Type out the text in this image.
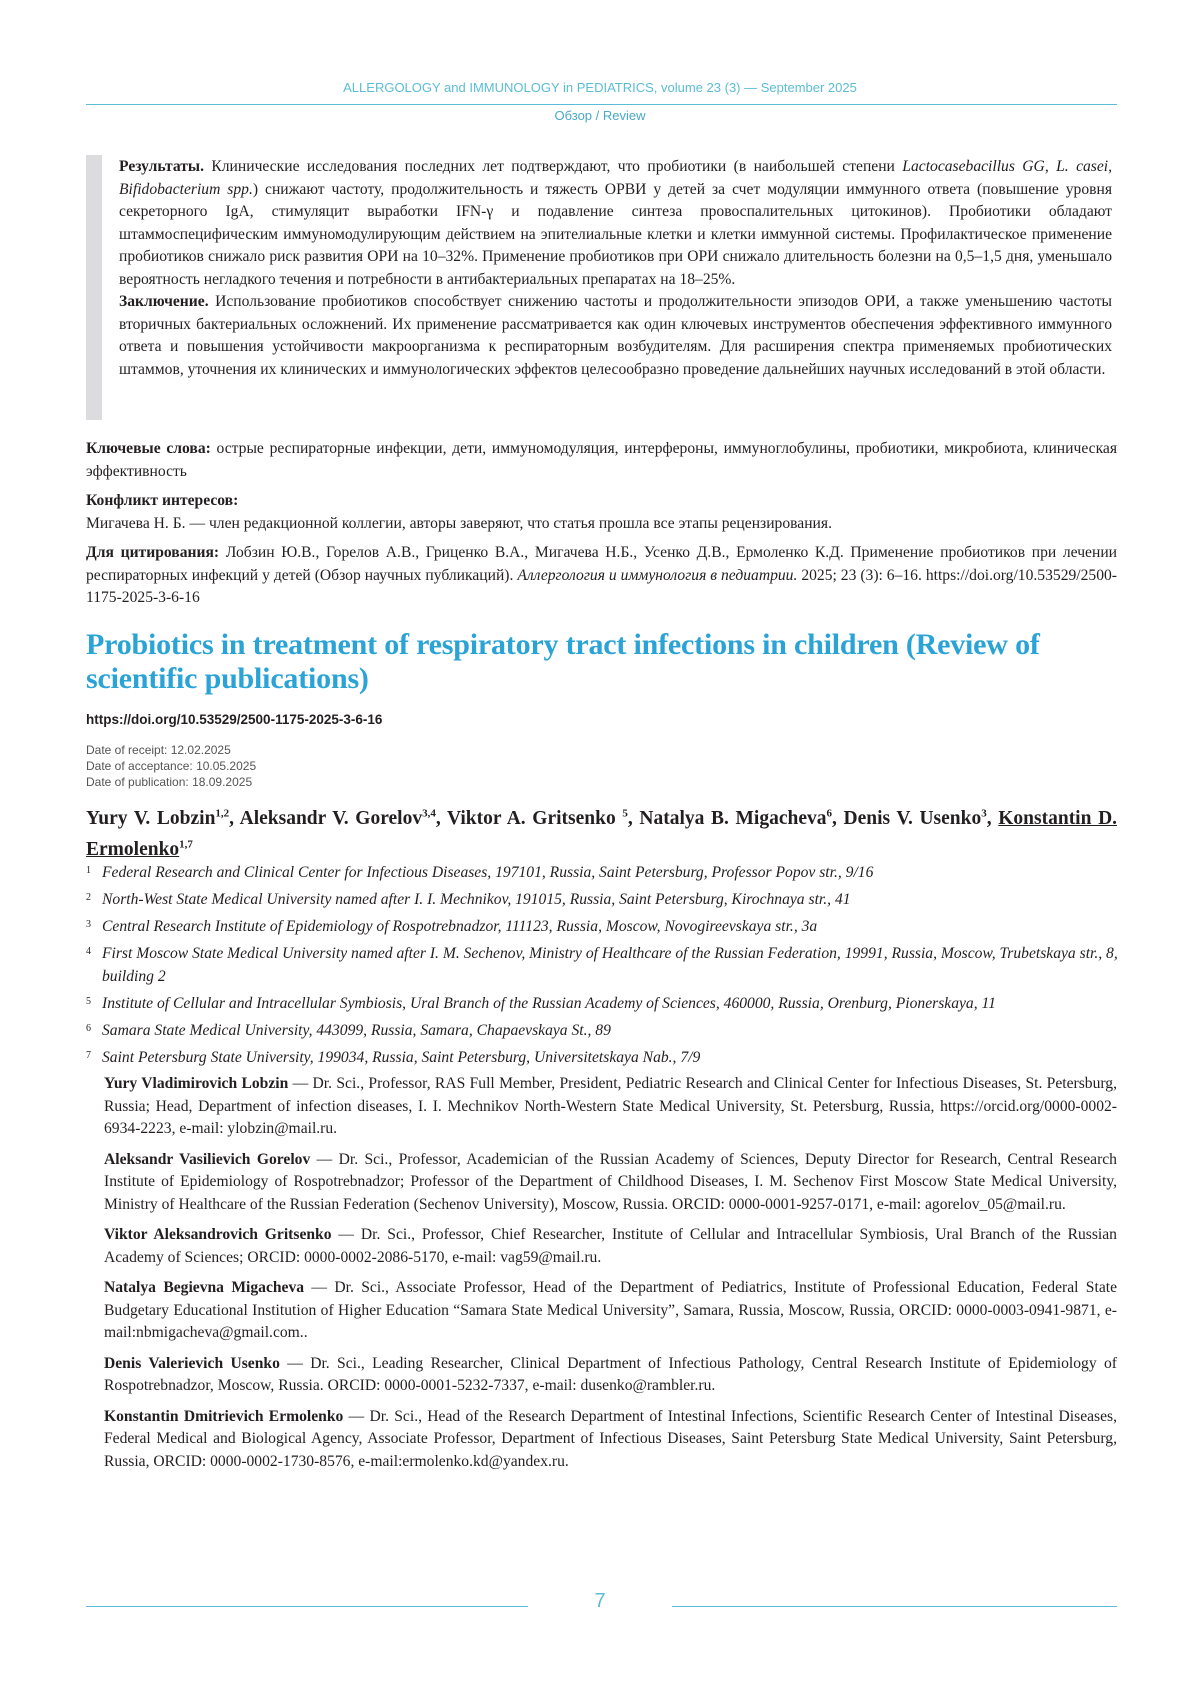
ALLERGOLOGY and IMMUNOLOGY in PEDIATRICS, volume 23 (3) — September 2025
Обзор / Review

Результаты. Клинические исследования последних лет подтверждают, что пробиотики (в наибольшей степени Lactocasebacillus GG, L. casei, Bifidobacterium spp.) снижают частоту, продолжительность и тяжесть ОРВИ у детей за счет модуляции иммунного ответа (повышение уровня секреторного IgA, стимуляцит выработки IFN-γ и подавление синтеза провоспалительных цитокинов). Пробиотики обладают штаммоспецифическим иммуномодулирующим действием на эпителиальные клетки и клетки иммунной системы. Профилактическое применение пробиотиков снижало риск развития ОРИ на 10–32%. Применение пробиотиков при ОРИ снижало длительность болезни на 0,5–1,5 дня, уменьшало вероятность негладкого течения и потребности в антибактериальных препаратах на 18–25%.

Заключение. Использование пробиотиков способствует снижению частоты и продолжительности эпизодов ОРИ, а также уменьшению частоты вторичных бактериальных осложнений. Их применение рассматривается как один ключевых инструментов обеспечения эффективного иммунного ответа и повышения устойчивости макроорганизма к респираторным возбудителям. Для расширения спектра применяемых пробиотических штаммов, уточнения их клинических и иммунологических эффектов целесообразно проведение дальнейших научных исследований в этой области.

Ключевые слова: острые респираторные инфекции, дети, иммуномодуляция, интерфероны, иммуноглобулины, пробиотики, микробиота, клиническая эффективность
Конфликт интересов:
Мигачева Н. Б. — член редакционной коллегии, авторы заверяют, что статья прошла все этапы рецензирования.
Для цитирования: Лобзин Ю.В., Горелов А.В., Гриценко В.А., Мигачева Н.Б., Усенко Д.В., Ермоленко К.Д. Применение пробиотиков при лечении респираторных инфекций у детей (Обзор научных публикаций). Аллергология и иммунология в педиатрии. 2025; 23 (3): 6–16. https://doi.org/10.53529/2500-1175-2025-3-6-16
Probiotics in treatment of respiratory tract infections in children (Review of scientific publications)
https://doi.org/10.53529/2500-1175-2025-3-6-16
Date of receipt: 12.02.2025
Date of acceptance: 10.05.2025
Date of publication: 18.09.2025
Yury V. Lobzin$^{1,2}$, Aleksandr V. Gorelov$^{3,4}$, Viktor A. Gritsenko $^5$, Natalya B. Migacheva$^6$, Denis V. Usenko$^3$, Konstantin D. Ermolenko$^{1,7}$
1 Federal Research and Clinical Center for Infectious Diseases, 197101, Russia, Saint Petersburg, Professor Popov str., 9/16
2 North-West State Medical University named after I. I. Mechnikov, 191015, Russia, Saint Petersburg, Kirochnaya str., 41
3 Central Research Institute of Epidemiology of Rospotrebnadzor, 111123, Russia, Moscow, Novogireevskaya str., 3a
4 First Moscow State Medical University named after I. M. Sechenov, Ministry of Healthcare of the Russian Federation, 19991, Russia, Moscow, Trubetskaya str., 8, building 2
5 Institute of Cellular and Intracellular Symbiosis, Ural Branch of the Russian Academy of Sciences, 460000, Russia, Orenburg, Pionerskaya, 11
6 Samara State Medical University, 443099, Russia, Samara, Chapaevskaya St., 89
7 Saint Petersburg State University, 199034, Russia, Saint Petersburg, Universitetskaya Nab., 7/9
Yury Vladimirovich Lobzin — Dr. Sci., Professor, RAS Full Member, President, Pediatric Research and Clinical Center for Infectious Diseases, St. Petersburg, Russia; Head, Department of infection diseases, I. I. Mechnikov North-Western State Medical University, St. Petersburg, Russia, https://orcid.org/0000-0002-6934-2223, e-mail: ylobzin@mail.ru.
Aleksandr Vasilievich Gorelov — Dr. Sci., Professor, Academician of the Russian Academy of Sciences, Deputy Director for Research, Central Research Institute of Epidemiology of Rospotrebnadzor; Professor of the Department of Childhood Diseases, I. M. Sechenov First Moscow State Medical University, Ministry of Healthcare of the Russian Federation (Sechenov University), Moscow, Russia. ORCID: 0000-0001-9257-0171, e-mail: agorelov_05@mail.ru.
Viktor Aleksandrovich Gritsenko — Dr. Sci., Professor, Chief Researcher, Institute of Cellular and Intracellular Symbiosis, Ural Branch of the Russian Academy of Sciences; ORCID: 0000-0002-2086-5170, e-mail: vag59@mail.ru.
Natalya Begievna Migacheva — Dr. Sci., Associate Professor, Head of the Department of Pediatrics, Institute of Professional Education, Federal State Budgetary Educational Institution of Higher Education “Samara State Medical University”, Samara, Russia, Moscow, Russia, ORCID: 0000-0003-0941-9871, e-mail:nbmigacheva@gmail.com..
Denis Valerievich Usenko — Dr. Sci., Leading Researcher, Clinical Department of Infectious Pathology, Central Research Institute of Epidemiology of Rospotrebnadzor, Moscow, Russia. ORCID: 0000-0001-5232-7337, e-mail: dusenko@rambler.ru.
Konstantin Dmitrievich Ermolenko — Dr. Sci., Head of the Research Department of Intestinal Infections, Scientific Research Center of Intestinal Diseases, Federal Medical and Biological Agency, Associate Professor, Department of Infectious Diseases, Saint Petersburg State Medical University, Saint Petersburg, Russia, ORCID: 0000-0002-1730-8576, e-mail:ermolenko.kd@yandex.ru.
7
